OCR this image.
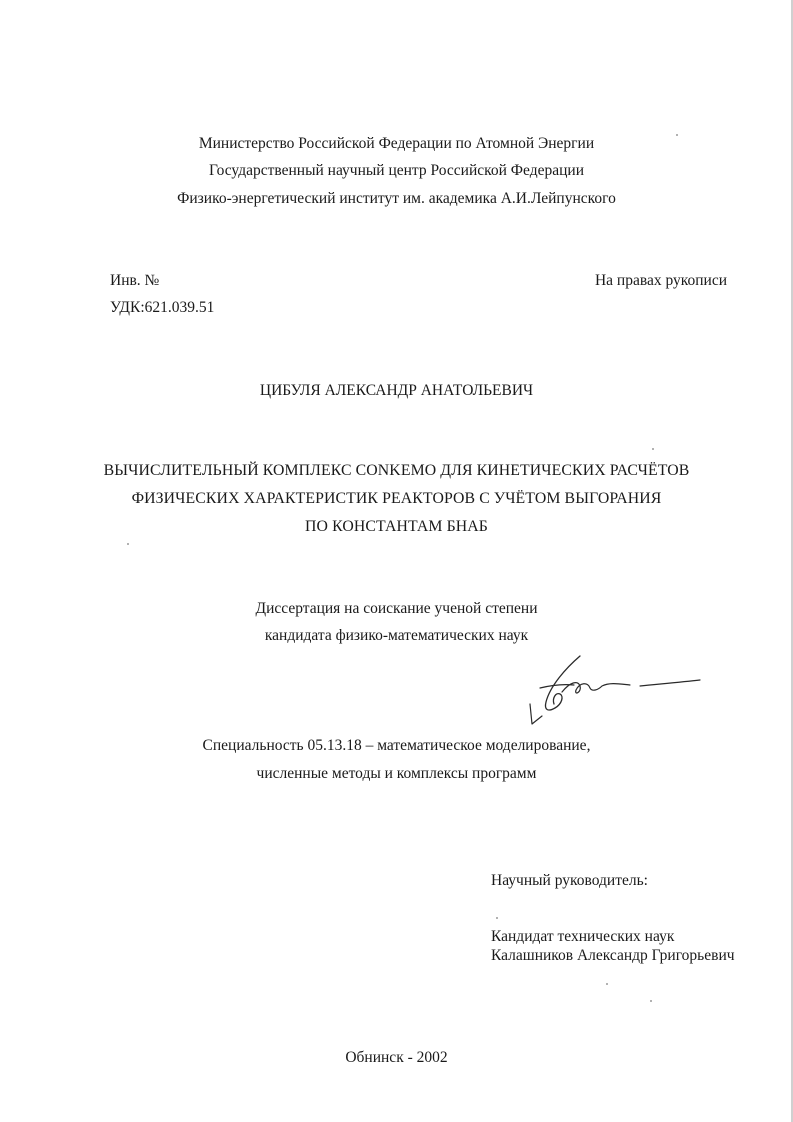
Министерство Российской Федерации по Атомной Энергии
Государственный научный центр Российской Федерации
Физико-энергетический институт им. академика А.И.Лейпунского
Инв. №
УДК:621.039.51
На правах рукописи
ЦИБУЛЯ АЛЕКСАНДР АНАТОЛЬЕВИЧ
ВЫЧИСЛИТЕЛЬНЫЙ КОМПЛЕКС CONKEMO ДЛЯ КИНЕТИЧЕСКИХ РАСЧЁТОВ
ФИЗИЧЕСКИХ ХАРАКТЕРИСТИК РЕАКТОРОВ С УЧЁТОМ ВЫГОРАНИЯ
ПО КОНСТАНТАМ БНАБ
Диссертация на соискание ученой степени
кандидата физико-математических наук
Специальность 05.13.18 – математическое моделирование,
численные методы и комплексы программ
Научный руководитель:
Кандидат технических наук
Калашников Александр Григорьевич
Обнинск - 2002
